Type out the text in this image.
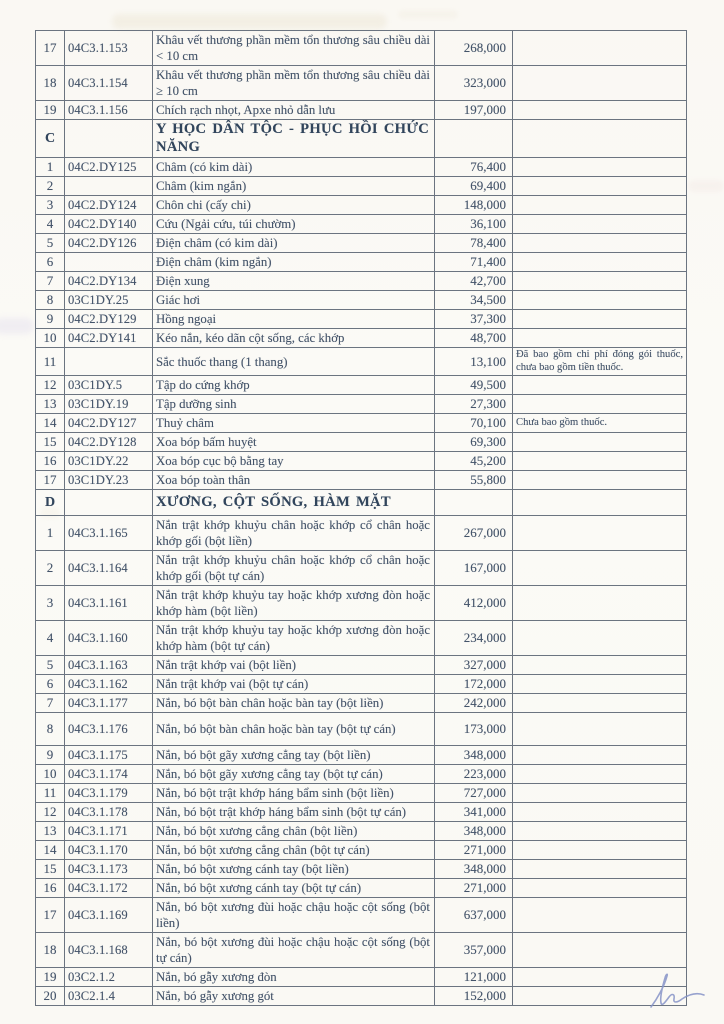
17	04C3.1.153	Khâu vết thương phần mềm tổn thương sâu chiều dài < 10 cm	268,000	
18	04C3.1.154	Khâu vết thương phần mềm tổn thương sâu chiều dài ≥ 10 cm	323,000	
19	04C3.1.156	Chích rạch nhọt, Apxe nhỏ dẫn lưu	197,000	
C		Y HỌC DÂN TỘC - PHỤC HỒI CHỨC NĂNG		
1	04C2.DY125	Châm (có kim dài)	76,400	
2		Châm (kim ngắn)	69,400	
3	04C2.DY124	Chôn chi (cấy chi)	148,000	
4	04C2.DY140	Cứu (Ngải cứu, túi chườm)	36,100	
5	04C2.DY126	Điện châm (có kim dài)	78,400	
6		Điện châm (kim ngắn)	71,400	
7	04C2.DY134	Điện xung	42,700	
8	03C1DY.25	Giác hơi	34,500	
9	04C2.DY129	Hồng ngoại	37,300	
10	04C2.DY141	Kéo nắn, kéo dãn cột sống, các khớp	48,700	
11		Sắc thuốc thang (1 thang)	13,100	Đã bao gồm chi phí đóng gói thuốc, chưa bao gồm tiền thuốc.
12	03C1DY.5	Tập do cứng khớp	49,500	
13	03C1DY.19	Tập dưỡng sinh	27,300	
14	04C2.DY127	Thuỷ châm	70,100	Chưa bao gồm thuốc.
15	04C2.DY128	Xoa bóp bấm huyệt	69,300	
16	03C1DY.22	Xoa bóp cục bộ bằng tay	45,200	
17	03C1DY.23	Xoa bóp toàn thân	55,800	
D		XƯƠNG, CỘT SỐNG, HÀM MẶT		
1	04C3.1.165	Nắn trật khớp khuỷu chân hoặc khớp cổ chân hoặc khớp gối (bột liền)	267,000	
2	04C3.1.164	Nắn trật khớp khuỷu chân hoặc khớp cổ chân hoặc khớp gối (bột tự cán)	167,000	
3	04C3.1.161	Nắn trật khớp khuỷu tay hoặc khớp xương đòn hoặc khớp hàm (bột liền)	412,000	
4	04C3.1.160	Nắn trật khớp khuỷu tay hoặc khớp xương đòn hoặc khớp hàm (bột tự cán)	234,000	
5	04C3.1.163	Nắn trật khớp vai (bột liền)	327,000	
6	04C3.1.162	Nắn trật khớp vai (bột tự cán)	172,000	
7	04C3.1.177	Nắn, bó bột bàn chân hoặc bàn tay (bột liền)	242,000	
8	04C3.1.176	Nắn, bó bột bàn chân hoặc bàn tay (bột tự cán)	173,000	
9	04C3.1.175	Nắn, bó bột gãy xương cẳng tay (bột liền)	348,000	
10	04C3.1.174	Nắn, bó bột gãy xương cẳng tay (bột tự cán)	223,000	
11	04C3.1.179	Nắn, bó bột trật khớp háng bẩm sinh (bột liền)	727,000	
12	04C3.1.178	Nắn, bó bột trật khớp háng bẩm sinh (bột tự cán)	341,000	
13	04C3.1.171	Nắn, bó bột xương cẳng chân (bột liền)	348,000	
14	04C3.1.170	Nắn, bó bột xương cẳng chân (bột tự cán)	271,000	
15	04C3.1.173	Nắn, bó bột xương cánh tay (bột liền)	348,000	
16	04C3.1.172	Nắn, bó bột xương cánh tay (bột tự cán)	271,000	
17	04C3.1.169	Nắn, bó bột xương đùi hoặc chậu hoặc cột sống (bột liền)	637,000	
18	04C3.1.168	Nắn, bó bột xương đùi hoặc chậu hoặc cột sống (bột tự cán)	357,000	
19	03C2.1.2	Nắn, bó gẫy xương đòn	121,000	
20	03C2.1.4	Nắn, bó gẫy xương gót	152,000	
